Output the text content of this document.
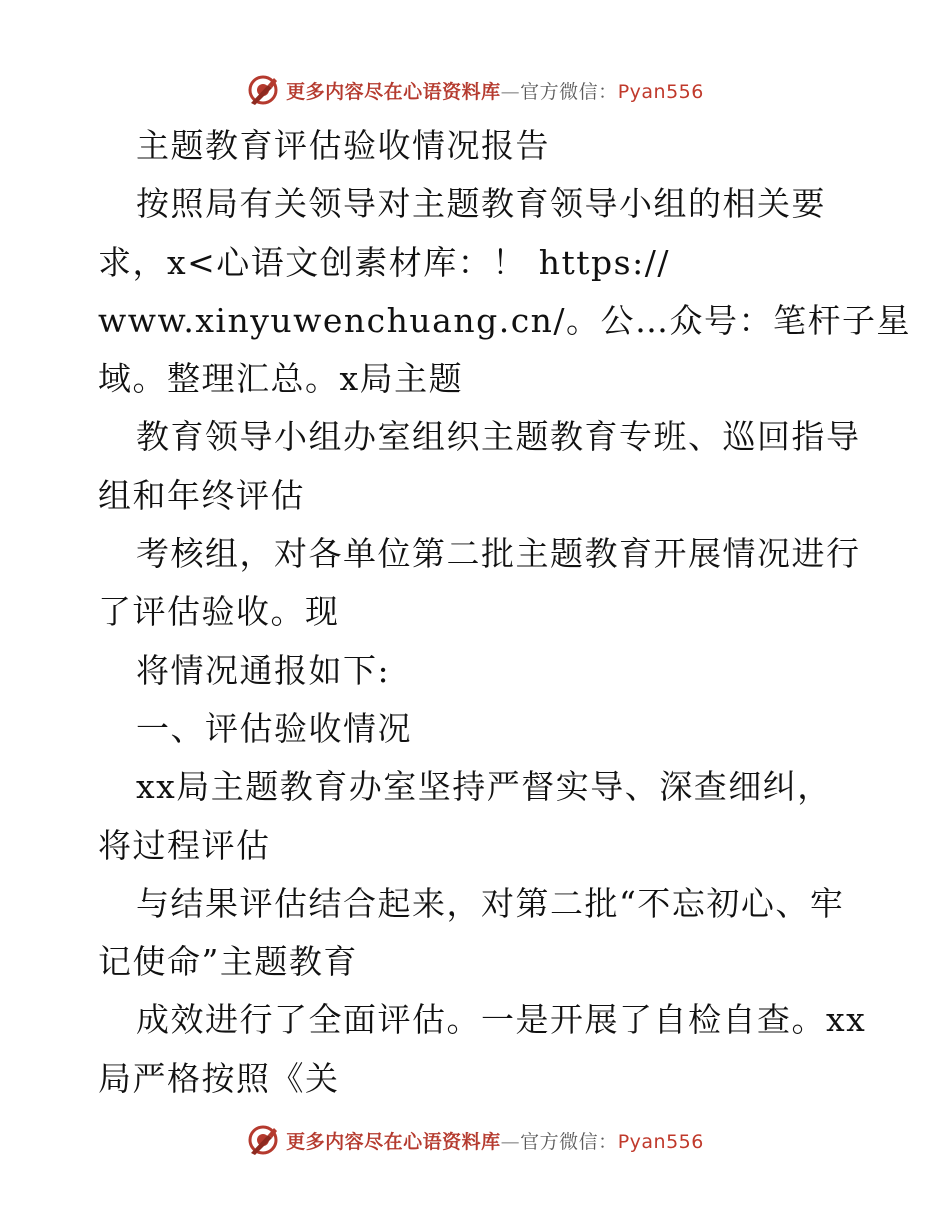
更多内容尽在心语资料库—官方微信：Pyan556
主题教育评估验收情况报告
按照局有关领导对主题教育领导小组的相关要
求，x<心语文创素材库：！ https://
www.xinyuwenchuang.cn/。公…众号：笔杆子星
域。整理汇总。x局主题
教育领导小组办室组织主题教育专班、巡回指导
组和年终评估
考核组，对各单位第二批主题教育开展情况进行
了评估验收。现
将情况通报如下:
一、评估验收情况
xx局主题教育办室坚持严督实导、深查细纠，
将过程评估
与结果评估结合起来，对第二批“不忘初心、牢
记使命”主题教育
成效进行了全面评估。一是开展了自检自查。xx
局严格按照《关
更多内容尽在心语资料库—官方微信：Pyan556
